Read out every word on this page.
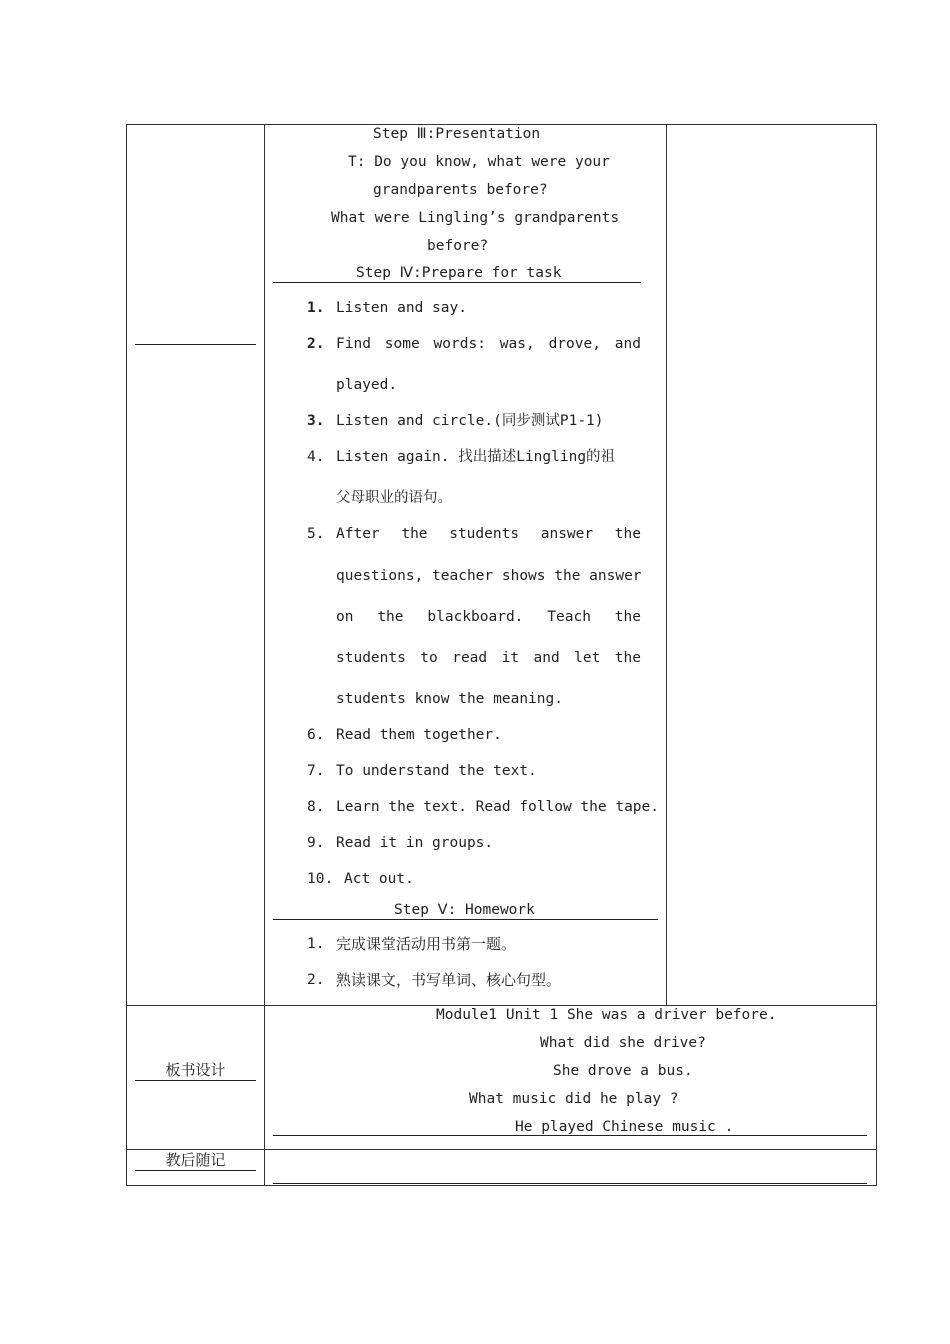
板书设计
教后随记
Step Ⅲ:Presentation
T: Do you know, what were your
grandparents before?
What were Lingling’s grandparents
before?
Step Ⅳ:Prepare for task
1. Listen and say.
2. Find some words: was, drove, and
played.
3. Listen and circle.(同步测试P1-1)
4. Listen again. 找出描述Lingling的祖
父母职业的语句。
5. After the students answer the
questions, teacher shows the answer
on the blackboard. Teach the
students to read it and let the
students know the meaning.
6. Read them together.
7. To understand the text.
8. Learn the text. Read follow the tape.
9. Read it in groups.
10. Act out.
Step Ⅴ: Homework
1. 完成课堂活动用书第一题。
2. 熟读课文，书写单词、核心句型。
Module1 Unit 1 She was a driver before.
What did she drive?
She drove a bus.
What music did he play ?
He played Chinese music .
